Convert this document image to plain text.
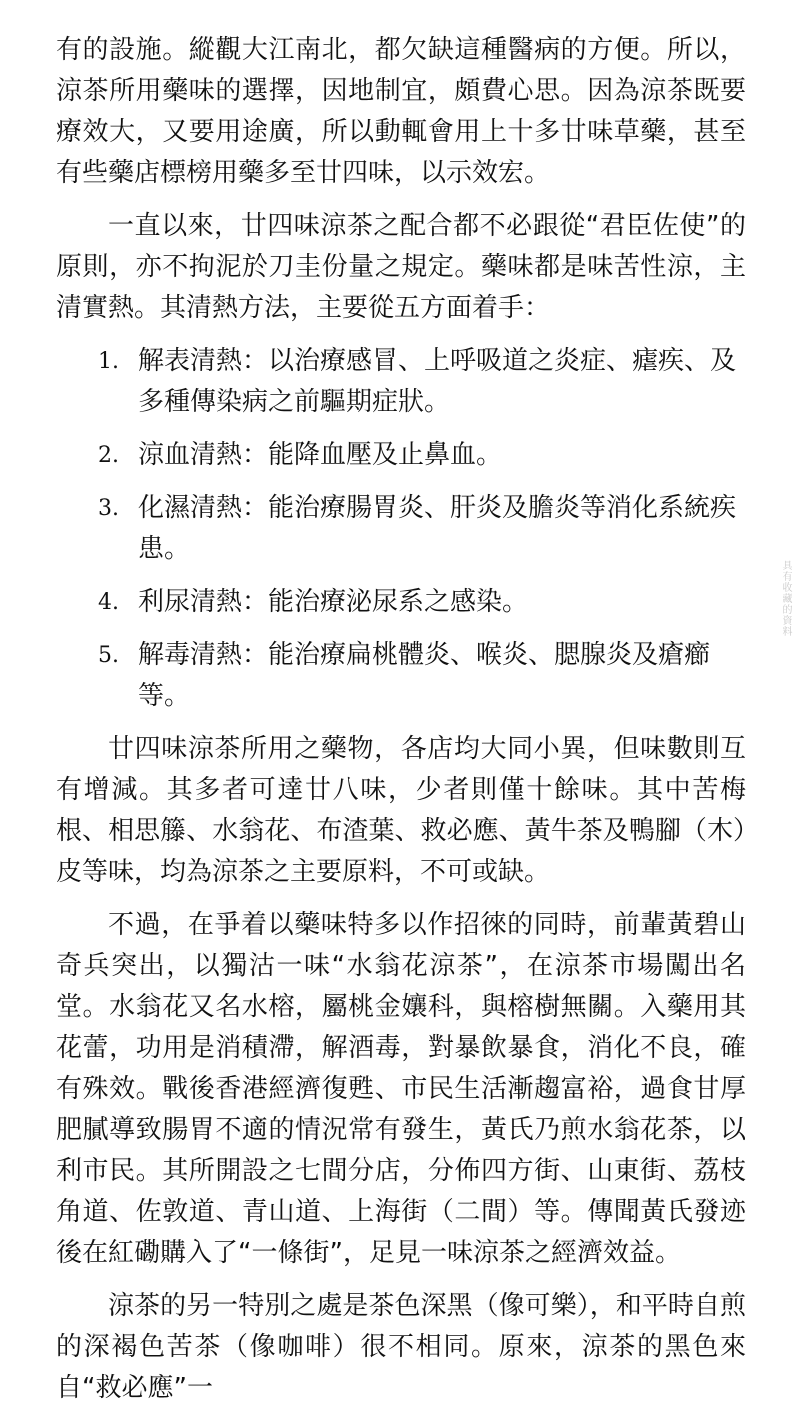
有的設施。縱觀大江南北，都欠缺這種醫病的方便。所以，涼茶所用藥味的選擇，因地制宜，頗費心思。因為涼茶既要療效大，又要用途廣，所以動輒會用上十多廿味草藥，甚至有些藥店標榜用藥多至廿四味，以示效宏。

一直以來，廿四味涼茶之配合都不必跟從“君臣佐使”的原則，亦不拘泥於刀圭份量之規定。藥味都是味苦性涼，主清實熱。其清熱方法，主要從五方面着手：

1. 解表清熱：以治療感冒、上呼吸道之炎症、瘧疾、及多種傳染病之前驅期症狀。
2. 涼血清熱：能降血壓及止鼻血。
3. 化濕清熱：能治療腸胃炎、肝炎及膽炎等消化系統疾患。
4. 利尿清熱：能治療泌尿系之感染。
5. 解毒清熱：能治療扁桃體炎、喉炎、腮腺炎及瘡癤等。

廿四味涼茶所用之藥物，各店均大同小異，但味數則互有增減。其多者可達廿八味，少者則僅十餘味。其中苦梅根、相思籐、水翁花、布渣葉、救必應、黃牛茶及鴨腳（木）皮等味，均為涼茶之主要原料，不可或缺。

不過，在爭着以藥味特多以作招徠的同時，前輩黃碧山奇兵突出，以獨沽一味“水翁花涼茶”，在涼茶市場闖出名堂。水翁花又名水榕，屬桃金孃科，與榕樹無關。入藥用其花蕾，功用是消積滯，解酒毒，對暴飲暴食，消化不良，確有殊效。戰後香港經濟復甦、市民生活漸趨富裕，過食甘厚肥膩導致腸胃不適的情況常有發生，黃氏乃煎水翁花茶，以利市民。其所開設之七間分店，分佈四方街、山東街、荔枝角道、佐敦道、青山道、上海街（二間）等。傳聞黃氏發迹後在紅磡購入了“一條街”，足見一味涼茶之經濟效益。

涼茶的另一特別之處是茶色深黑（像可樂），和平時自煎的深褐色苦茶（像咖啡）很不相同。原來，涼茶的黑色來自“救必應”一

具有收藏的資料
